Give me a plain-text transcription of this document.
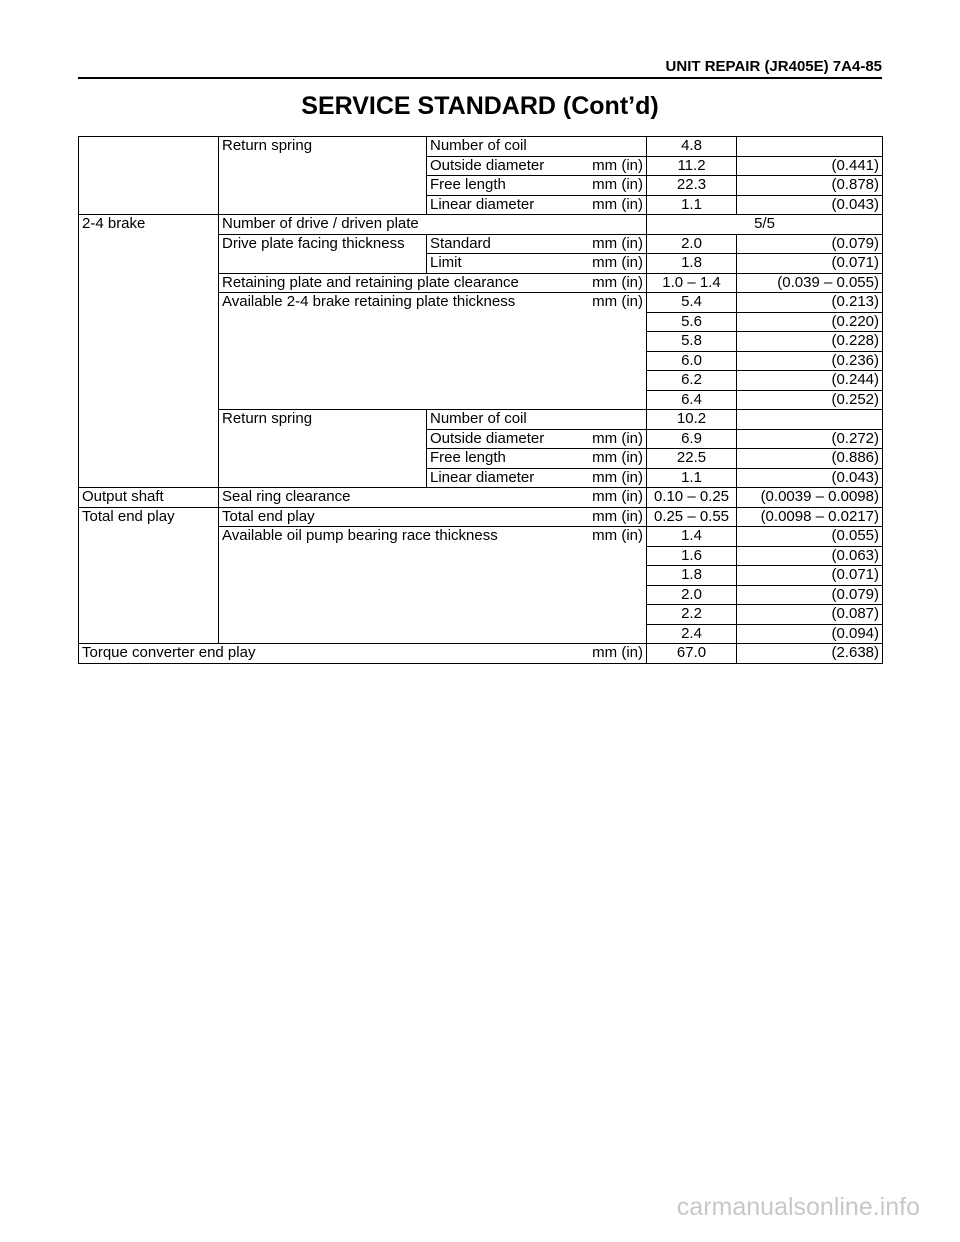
UNIT REPAIR (JR405E) 7A4-85
SERVICE STANDARD (Cont’d)
	Return spring	Number of coil	4.8	
		Outside diameter mm (in)	11.2	(0.441)
		Free length mm (in)	22.3	(0.878)
		Linear diameter mm (in)	1.1	(0.043)
2-4 brake	Number of drive / driven plate		5/5	
	Drive plate facing thickness	Standard mm (in)	2.0	(0.079)
		Limit mm (in)	1.8	(0.071)
	Retaining plate and retaining plate clearance mm (in)		1.0 – 1.4	(0.039 – 0.055)
	Available 2-4 brake retaining plate thickness mm (in)		5.4	(0.213)
			5.6	(0.220)
			5.8	(0.228)
			6.0	(0.236)
			6.2	(0.244)
			6.4	(0.252)
	Return spring	Number of coil	10.2	
		Outside diameter mm (in)	6.9	(0.272)
		Free length mm (in)	22.5	(0.886)
		Linear diameter mm (in)	1.1	(0.043)
Output shaft	Seal ring clearance mm (in)		0.10 – 0.25	(0.0039 – 0.0098)
Total end play	Total end play mm (in)		0.25 – 0.55	(0.0098 – 0.0217)
	Available oil pump bearing race thickness mm (in)		1.4	(0.055)
			1.6	(0.063)
			1.8	(0.071)
			2.0	(0.079)
			2.2	(0.087)
			2.4	(0.094)
Torque converter end play mm (in)			67.0	(2.638)
carmanualsonline.info
